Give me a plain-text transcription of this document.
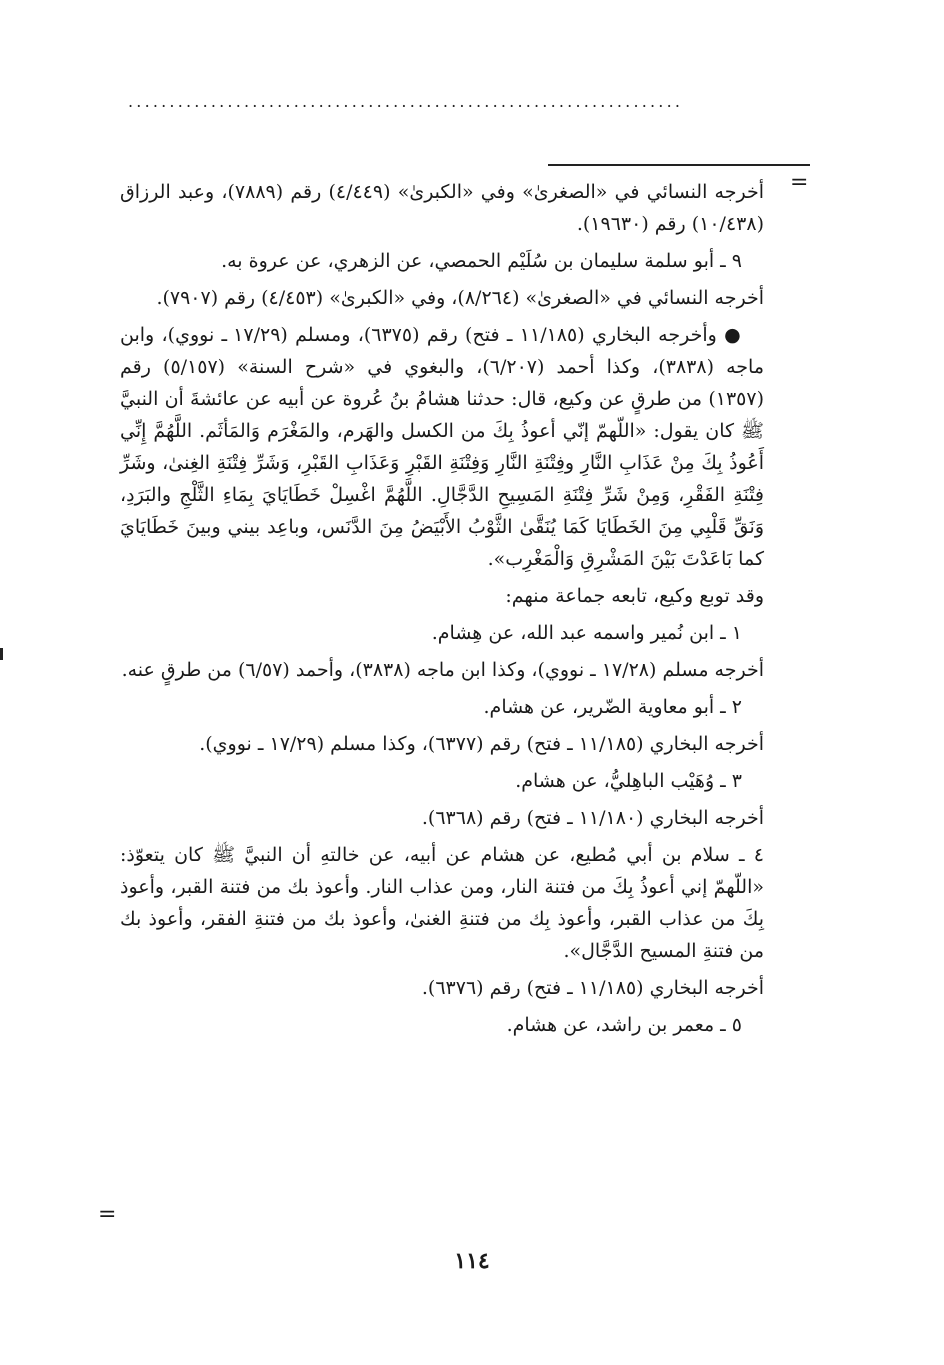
...................................................................
=

أخرجه النسائي في «الصغرىٰ» وفي «الكبرىٰ» (٤/٤٤٩) رقم (٧٨٨٩)، وعبد الرزاق (١٠/٤٣٨) رقم (١٩٦٣٠).

٩ ـ أبو سلمة سليمان بن سُلَيْم الحمصي، عن الزهري، عن عروة به.

أخرجه النسائي في «الصغرىٰ» (٨/٢٦٤)، وفي «الكبرىٰ» (٤/٤٥٣) رقم (٧٩٠٧).

● وأخرجه البخاري (١١/١٨٥ ـ فتح) رقم (٦٣٧٥)، ومسلم (١٧/٢٩ ـ نووي)، وابن ماجه (٣٨٣٨)، وكذا أحمد (٦/٢٠٧)، والبغوي في «شرح السنة» (٥/١٥٧) رقم (١٣٥٧) من طرقٍ عن وكيع، قال: حدثنا هشامُ بنُ عُروة عن أبيه عن عائشةَ أن النبيَّ ﷺ كان يقول: «اللّهمّ إنّي أعوذُ بِكَ من الكسل والهَرم، والمَغْرَم وَالمَأثَم. اللَّهُمَّ إِنِّي أَعُوذُ بِكَ مِنْ عَذَابِ النَّارِ وفِتْنَةِ النَّارِ وَفِتْنَةِ القَبْرِ وَعَذَابِ القَبْرِ، وَشَرِّ فِتْنَةِ الغِنىٰ، وشَرِّ فِتْنَةِ الفَقْرِ، وَمِنْ شَرِّ فِتْنَةِ المَسِيحِ الدَّجَّالِ. اللَّهُمَّ اغْسِلْ خَطَايَايَ بِمَاءِ الثَّلْجِ والبَرَدِ، وَنَقِّ قَلْبِي مِنَ الخَطَايَا كَمَا يُنَقَّىٰ الثَّوْبُ الأَبْيَضُ مِنَ الدَّنَس، وباعِد بيني وبينَ خَطَايَايَ كما بَاعَدْتَ بَيْنَ المَشْرِقِ وَالْمَغْرِب».

وقد توبع وكيع، تابعه جماعة منهم:

١ ـ ابن نُمير واسمه عبد الله، عن هِشام.

أخرجه مسلم (١٧/٢٨ ـ نووي)، وكذا ابن ماجه (٣٨٣٨)، وأحمد (٦/٥٧) من طرقٍ عنه.

٢ ـ أبو معاوية الضّرير، عن هشام.

أخرجه البخاري (١١/١٨٥ ـ فتح) رقم (٦٣٧٧)، وكذا مسلم (١٧/٢٩ ـ نووي).

٣ ـ وُهَيْب الباهِليُّ، عن هشام.

أخرجه البخاري (١١/١٨٠ ـ فتح) رقم (٦٣٦٨).

٤ ـ سلام بن أبي مُطيع، عن هشام عن أبيه، عن خالتهِ أن النبيَّ ﷺ كان يتعوّذ: «اللّهمّ إني أعوذُ بِكَ من فتنة النار، ومن عذاب النار. وأعوذ بك من فتنة القبر، وأعوذ بِكَ من عذاب القبر، وأعوذ بِك من فتنةِ الغنىٰ، وأعوذ بك من فتنةِ الفقر، وأعوذ بك من فتنةِ المسيح الدَّجَّال».

أخرجه البخاري (١١/١٨٥ ـ فتح) رقم (٦٣٧٦).

٥ ـ معمر بن راشد، عن هشام.

=
١١٤
